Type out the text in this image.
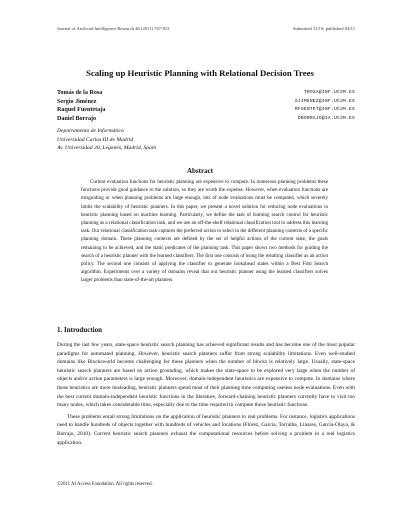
Journal of Artificial Intelligence Research 40 (2011) 767-813	Submitted 11/10; published 04/11
Scaling up Heuristic Planning with Relational Decision Trees
Tomás de la Rosa	TROSA@INF.UC3M.ES
Sergio Jiménez	SJIMENEZ@INF.UC3M.ES
Raquel Fuentetaja	RFUENTET@INF.UC3M.ES
Daniel Borrajo	DBORRAJO@IA.UC3M.ES
Departamento de Informática
Universidad Carlos III de Madrid
Av. Universidad 30, Leganés, Madrid, Spain
Abstract

Current evaluation functions for heuristic planning are expensive to compute. In numerous planning problems these functions provide good guidance to the solution, so they are worth the expense. However, when evaluation functions are misguiding or when planning problems are large enough, lots of node evaluations must be computed, which severely limits the scalability of heuristic planners. In this paper, we present a novel solution for reducing node evaluations in heuristic planning based on machine learning. Particularly, we define the task of learning search control for heuristic planning as a relational classification task, and we use an off-the-shelf relational classification tool to address this learning task. Our relational classification task captures the preferred action to select in the different planning contexts of a specific planning domain. These planning contexts are defined by the set of helpful actions of the current state, the goals remaining to be achieved, and the static predicates of the planning task. This paper shows two methods for guiding the search of a heuristic planner with the learned classifiers. The first one consists of using the resulting classifier as an action policy. The second one consists of applying the classifier to generate lookahead states within a Best First Search algorithm. Experiments over a variety of domains reveal that our heuristic planner using the learned classifiers solves larger problems than state-of-the-art planners.

1. Introduction

During the last few years, state-space heuristic search planning has achieved significant results and has become one of the most popular paradigms for automated planning. However, heuristic search planners suffer from strong scalability limitations. Even well-studied domains like Blocksworld become challenging for these planners when the number of blocks is relatively large. Usually, state-space heuristic search planners are based on action grounding, which makes the state-space to be explored very large when the number of objects and/or action parameters is large enough. Moreover, domain-independent heuristics are expensive to compute. In domains where these heuristics are more misleading, heuristic planners spend most of their planning time computing useless node evaluations. Even with the best current domain-independent heuristic functions in the literature, forward-chaining heuristic planners currently have to visit too many nodes, which takes considerable time, especially due to the time required to compute those heuristic functions.

These problems entail strong limitations on the application of heuristic planners to real problems. For instance, logistics applications need to handle hundreds of objects together with hundreds of vehicles and locations (Flórez, García, Torralba, Linares, García-Olaya, & Borrajo, 2010). Current heuristic search planners exhaust the computational resources before solving a problem in a real logistics application.

©2011 AI Access Foundation. All rights reserved.
